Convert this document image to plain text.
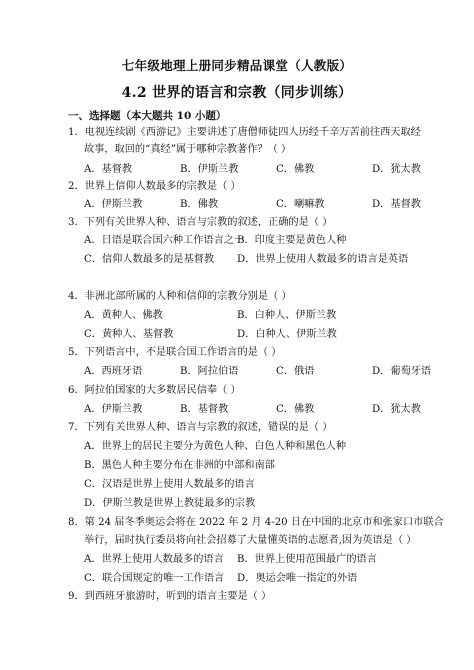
七年级地理上册同步精品课堂（人教版）
4.2 世界的语言和宗教（同步训练）
一、选择题（本大题共 10 小题）
1．电视连续剧《西游记》主要讲述了唐僧师徒四人历经千辛万苦前往西天取经
故事，取回的“真经”属于哪种宗教著作？（ ）
A．基督教	B．伊斯兰教	C．佛教	D．犹太教
2．世界上信仰人数最多的宗教是（ ）
A．伊斯兰教	B．佛教	C．喇嘛教	D．基督教
3．下列有关世界人种、语言与宗教的叙述，正确的是（ ）
A．日语是联合国六种工作语言之一
B．印度主要是黄色人种
C．信仰人数最多的是基督教 D．世界上使用人数最多的语言是英语
4．非洲北部所属的人种和信仰的宗教分别是（ ）
A．黄种人、佛教	B．白种人、伊斯兰教
C．黄种人、基督教	D．白种人、伊斯兰教
5．下列语言中，不是联合国工作语言的是（ ）
A．西班牙语	B．阿拉伯语	C．俄语	D．葡萄牙语
6．阿拉伯国家的大多数居民信奉（ ）
A．伊斯兰教	B．基督教	C．佛教	D．犹太教
7．下列有关世界人种、语言与宗教的叙述，错误的是（ ）
A．世界上的居民主要分为黄色人种、白色人种和黑色人种
B．黑色人种主要分布在非洲的中部和南部
C．汉语是世界上使用人数最多的语言
D．伊斯兰教是世界上教徒最多的宗教
8．第 24 届冬季奥运会将在 2022 年 2 月 4-20 日在中国的北京市和张家口市联合
举行，届时执行委员将向社会招募了大量懂英语的志愿者,因为英语是（ ）
A．世界上使用人数最多的语言 B．世界上使用范围最广的语言
C．联合国规定的唯一工作语言 D．奥运会唯一指定的外语
9．到西班牙旅游时，听到的语言主要是（ ）
